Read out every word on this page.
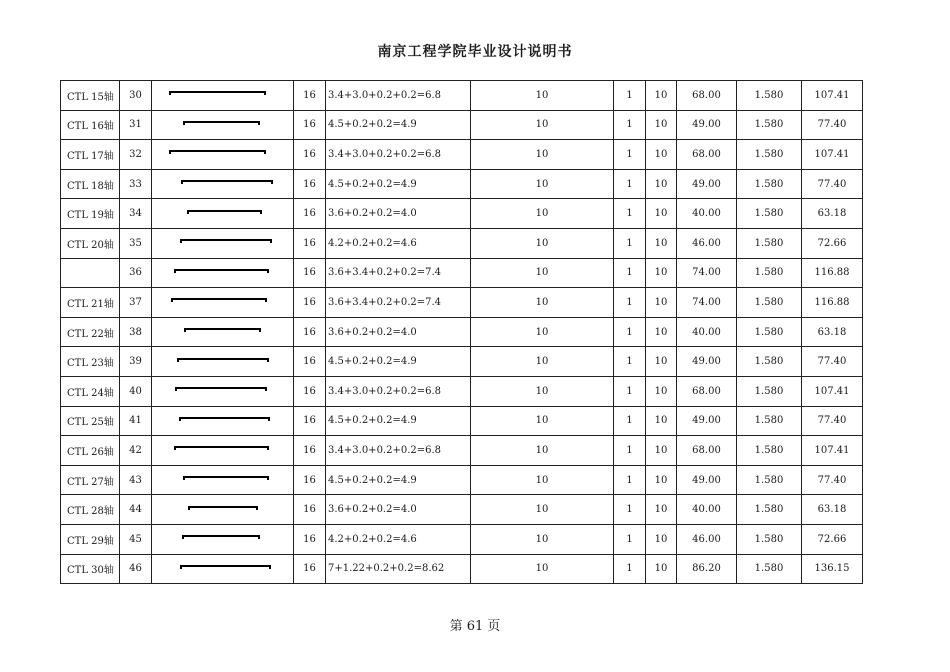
南京工程学院毕业设计说明书
CTL 15轴	30		16	3.4+3.0+0.2+0.2=6.8	10	1	10	68.00	1.580	107.41
CTL 16轴	31		16	4.5+0.2+0.2=4.9	10	1	10	49.00	1.580	77.40
CTL 17轴	32		16	3.4+3.0+0.2+0.2=6.8	10	1	10	68.00	1.580	107.41
CTL 18轴	33		16	4.5+0.2+0.2=4.9	10	1	10	49.00	1.580	77.40
CTL 19轴	34		16	3.6+0.2+0.2=4.0	10	1	10	40.00	1.580	63.18
CTL 20轴	35		16	4.2+0.2+0.2=4.6	10	1	10	46.00	1.580	72.66
	36		16	3.6+3.4+0.2+0.2=7.4	10	1	10	74.00	1.580	116.88
CTL 21轴	37		16	3.6+3.4+0.2+0.2=7.4	10	1	10	74.00	1.580	116.88
CTL 22轴	38		16	3.6+0.2+0.2=4.0	10	1	10	40.00	1.580	63.18
CTL 23轴	39		16	4.5+0.2+0.2=4.9	10	1	10	49.00	1.580	77.40
CTL 24轴	40		16	3.4+3.0+0.2+0.2=6.8	10	1	10	68.00	1.580	107.41
CTL 25轴	41		16	4.5+0.2+0.2=4.9	10	1	10	49.00	1.580	77.40
CTL 26轴	42		16	3.4+3.0+0.2+0.2=6.8	10	1	10	68.00	1.580	107.41
CTL 27轴	43		16	4.5+0.2+0.2=4.9	10	1	10	49.00	1.580	77.40
CTL 28轴	44		16	3.6+0.2+0.2=4.0	10	1	10	40.00	1.580	63.18
CTL 29轴	45		16	4.2+0.2+0.2=4.6	10	1	10	46.00	1.580	72.66
CTL 30轴	46		16	7+1.22+0.2+0.2=8.62	10	1	10	86.20	1.580	136.15
第 61 页
